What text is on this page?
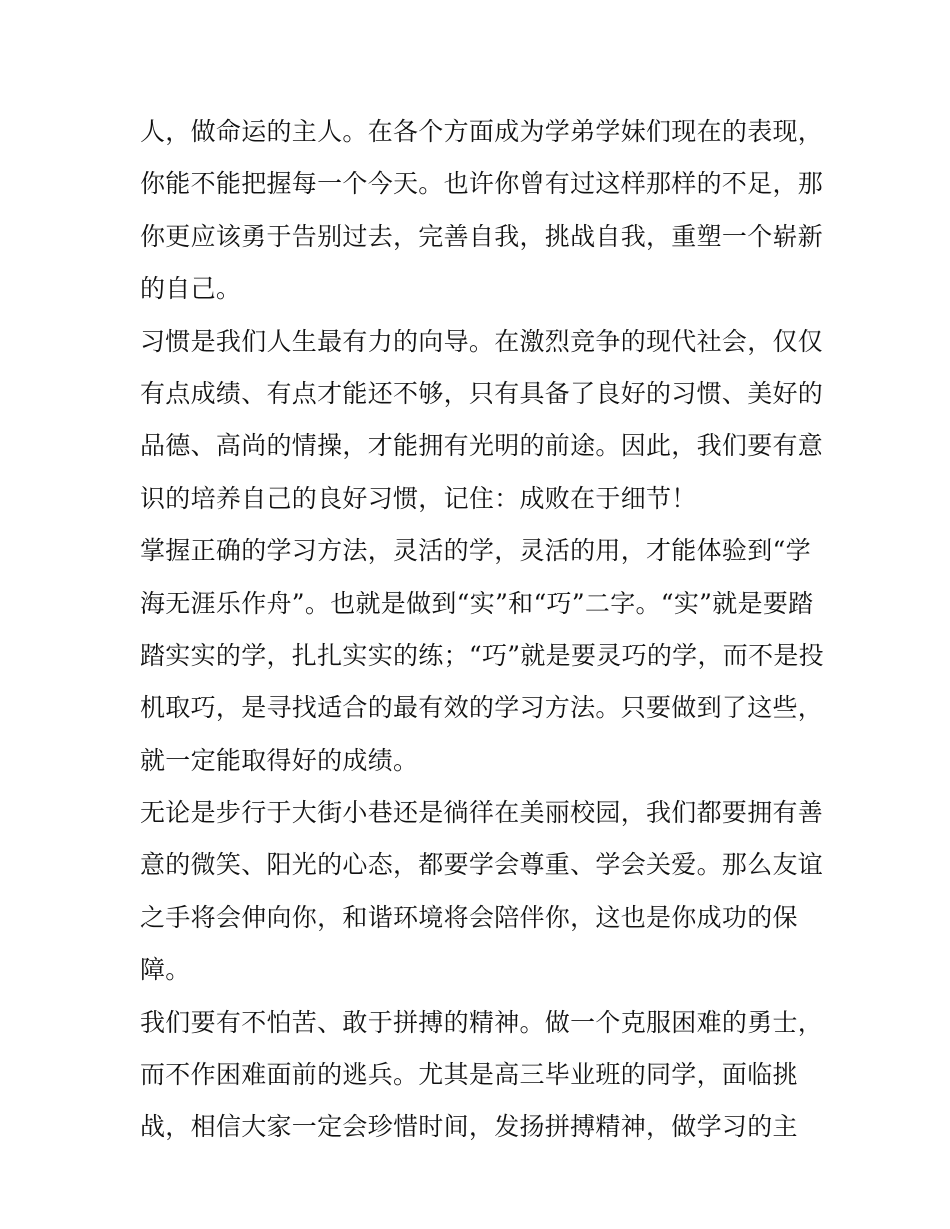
人，做命运的主人。在各个方面成为学弟学妹们现在的表现，
你能不能把握每一个今天。也许你曾有过这样那样的不足，那
你更应该勇于告别过去，完善自我，挑战自我，重塑一个崭新
的自己。
习惯是我们人生最有力的向导。在激烈竞争的现代社会，仅仅
有点成绩、有点才能还不够，只有具备了良好的习惯、美好的
品德、高尚的情操，才能拥有光明的前途。因此，我们要有意
识的培养自己的良好习惯，记住：成败在于细节！
掌握正确的学习方法，灵活的学，灵活的用，才能体验到“学
海无涯乐作舟”。也就是做到“实”和“巧”二字。“实”就是要踏
踏实实的学，扎扎实实的练；“巧”就是要灵巧的学，而不是投
机取巧，是寻找适合的最有效的学习方法。只要做到了这些，
就一定能取得好的成绩。
无论是步行于大街小巷还是徜徉在美丽校园，我们都要拥有善
意的微笑、阳光的心态，都要学会尊重、学会关爱。那么友谊
之手将会伸向你，和谐环境将会陪伴你，这也是你成功的保
障。
我们要有不怕苦、敢于拼搏的精神。做一个克服困难的勇士，
而不作困难面前的逃兵。尤其是高三毕业班的同学，面临挑
战，相信大家一定会珍惜时间，发扬拼搏精神，做学习的主
